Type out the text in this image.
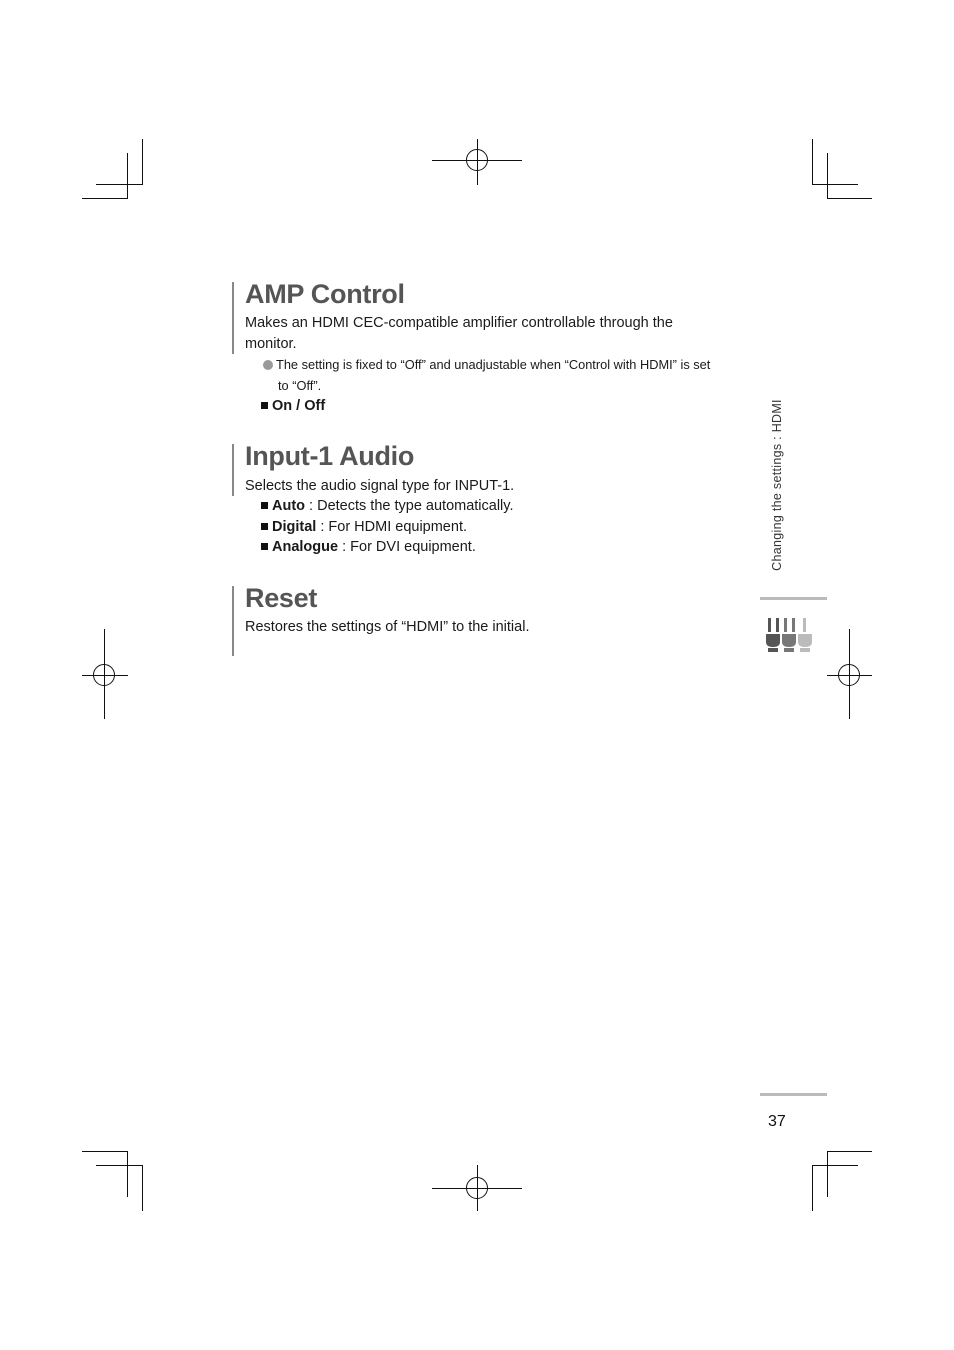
AMP Control
Makes an HDMI CEC-compatible amplifier controllable through the
monitor.
The setting is fixed to “Off” and unadjustable when “Control with HDMI” is set
to “Off”.
On / Off
Input-1 Audio
Selects the audio signal type for INPUT-1.
Auto : Detects the type automatically.
Digital : For HDMI equipment.
Analogue : For DVI equipment.
Reset
Restores the settings of “HDMI” to the initial.
Changing the settings : HDMI
37
